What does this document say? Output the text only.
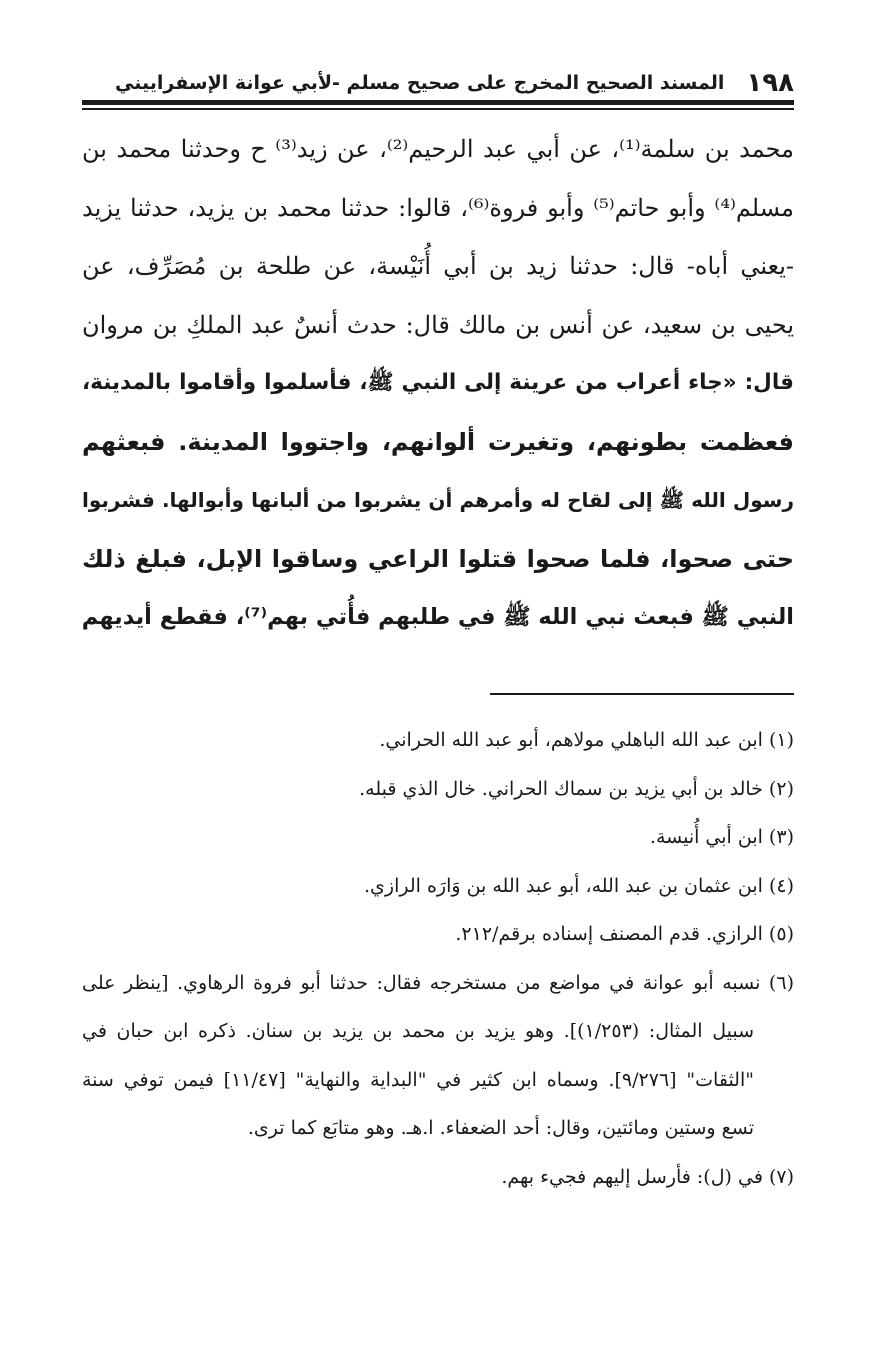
١٩٨
المسند الصحيح المخرج على صحيح مسلم -لأبي عوانة الإسفراييني
محمد بن سلمة⁽¹⁾، عن أبي عبد الرحيم⁽²⁾، عن زيد⁽³⁾ ح وحدثنا محمد بن
مسلم⁽⁴⁾ وأبو حاتم⁽⁵⁾ وأبو فروة⁽⁶⁾، قالوا: حدثنا محمد بن يزيد، حدثنا يزيد
-يعني أباه- قال: حدثنا زيد بن أبي أُنَيْسة، عن طلحة بن مُصَرِّف، عن
يحيى بن سعيد، عن أنس بن مالك قال: حدث أنسٌ عبد الملكِ بن مروان
قال: «جاء أعراب من عرينة إلى النبي ﷺ، فأسلموا وأقاموا بالمدينة،
فعظمت بطونهم، وتغيرت ألوانهم، واجتووا المدينة. فبعثهم
رسول الله ﷺ إلى لقاح له وأمرهم أن يشربوا من ألبانها وأبوالها. فشربوا
حتى صحوا، فلما صحوا قتلوا الراعي وساقوا الإبل، فبلغ ذلك
النبي ﷺ فبعث نبي الله ﷺ في طلبهم فأُتي بهم⁽⁷⁾، فقطع أيديهم
(١) ابن عبد الله الباهلي مولاهم، أبو عبد الله الحراني.
(٢) خالد بن أبي يزيد بن سماك الحراني. خال الذي قبله.
(٣) ابن أبي أُنيسة.
(٤) ابن عثمان بن عبد الله، أبو عبد الله بن وَارَه الرازي.
(٥) الرازي. قدم المصنف إسناده برقم/٢١٢.
(٦) نسبه أبو عوانة في مواضع من مستخرجه فقال: حدثنا أبو فروة الرهاوي. [ينظر على
سبيل المثال: (١/٢٥٣)]. وهو يزيد بن محمد بن يزيد بن سنان. ذكره ابن حبان في
"الثقات" [٩/٢٧٦]. وسماه ابن كثير في "البداية والنهاية" [١١/٤٧] فيمن توفي سنة
تسع وستين ومائتين، وقال: أحد الضعفاء. ا.هـ. وهو متابَع كما ترى.
(٧) في (ل): فأرسل إليهم فجيء بهم.
